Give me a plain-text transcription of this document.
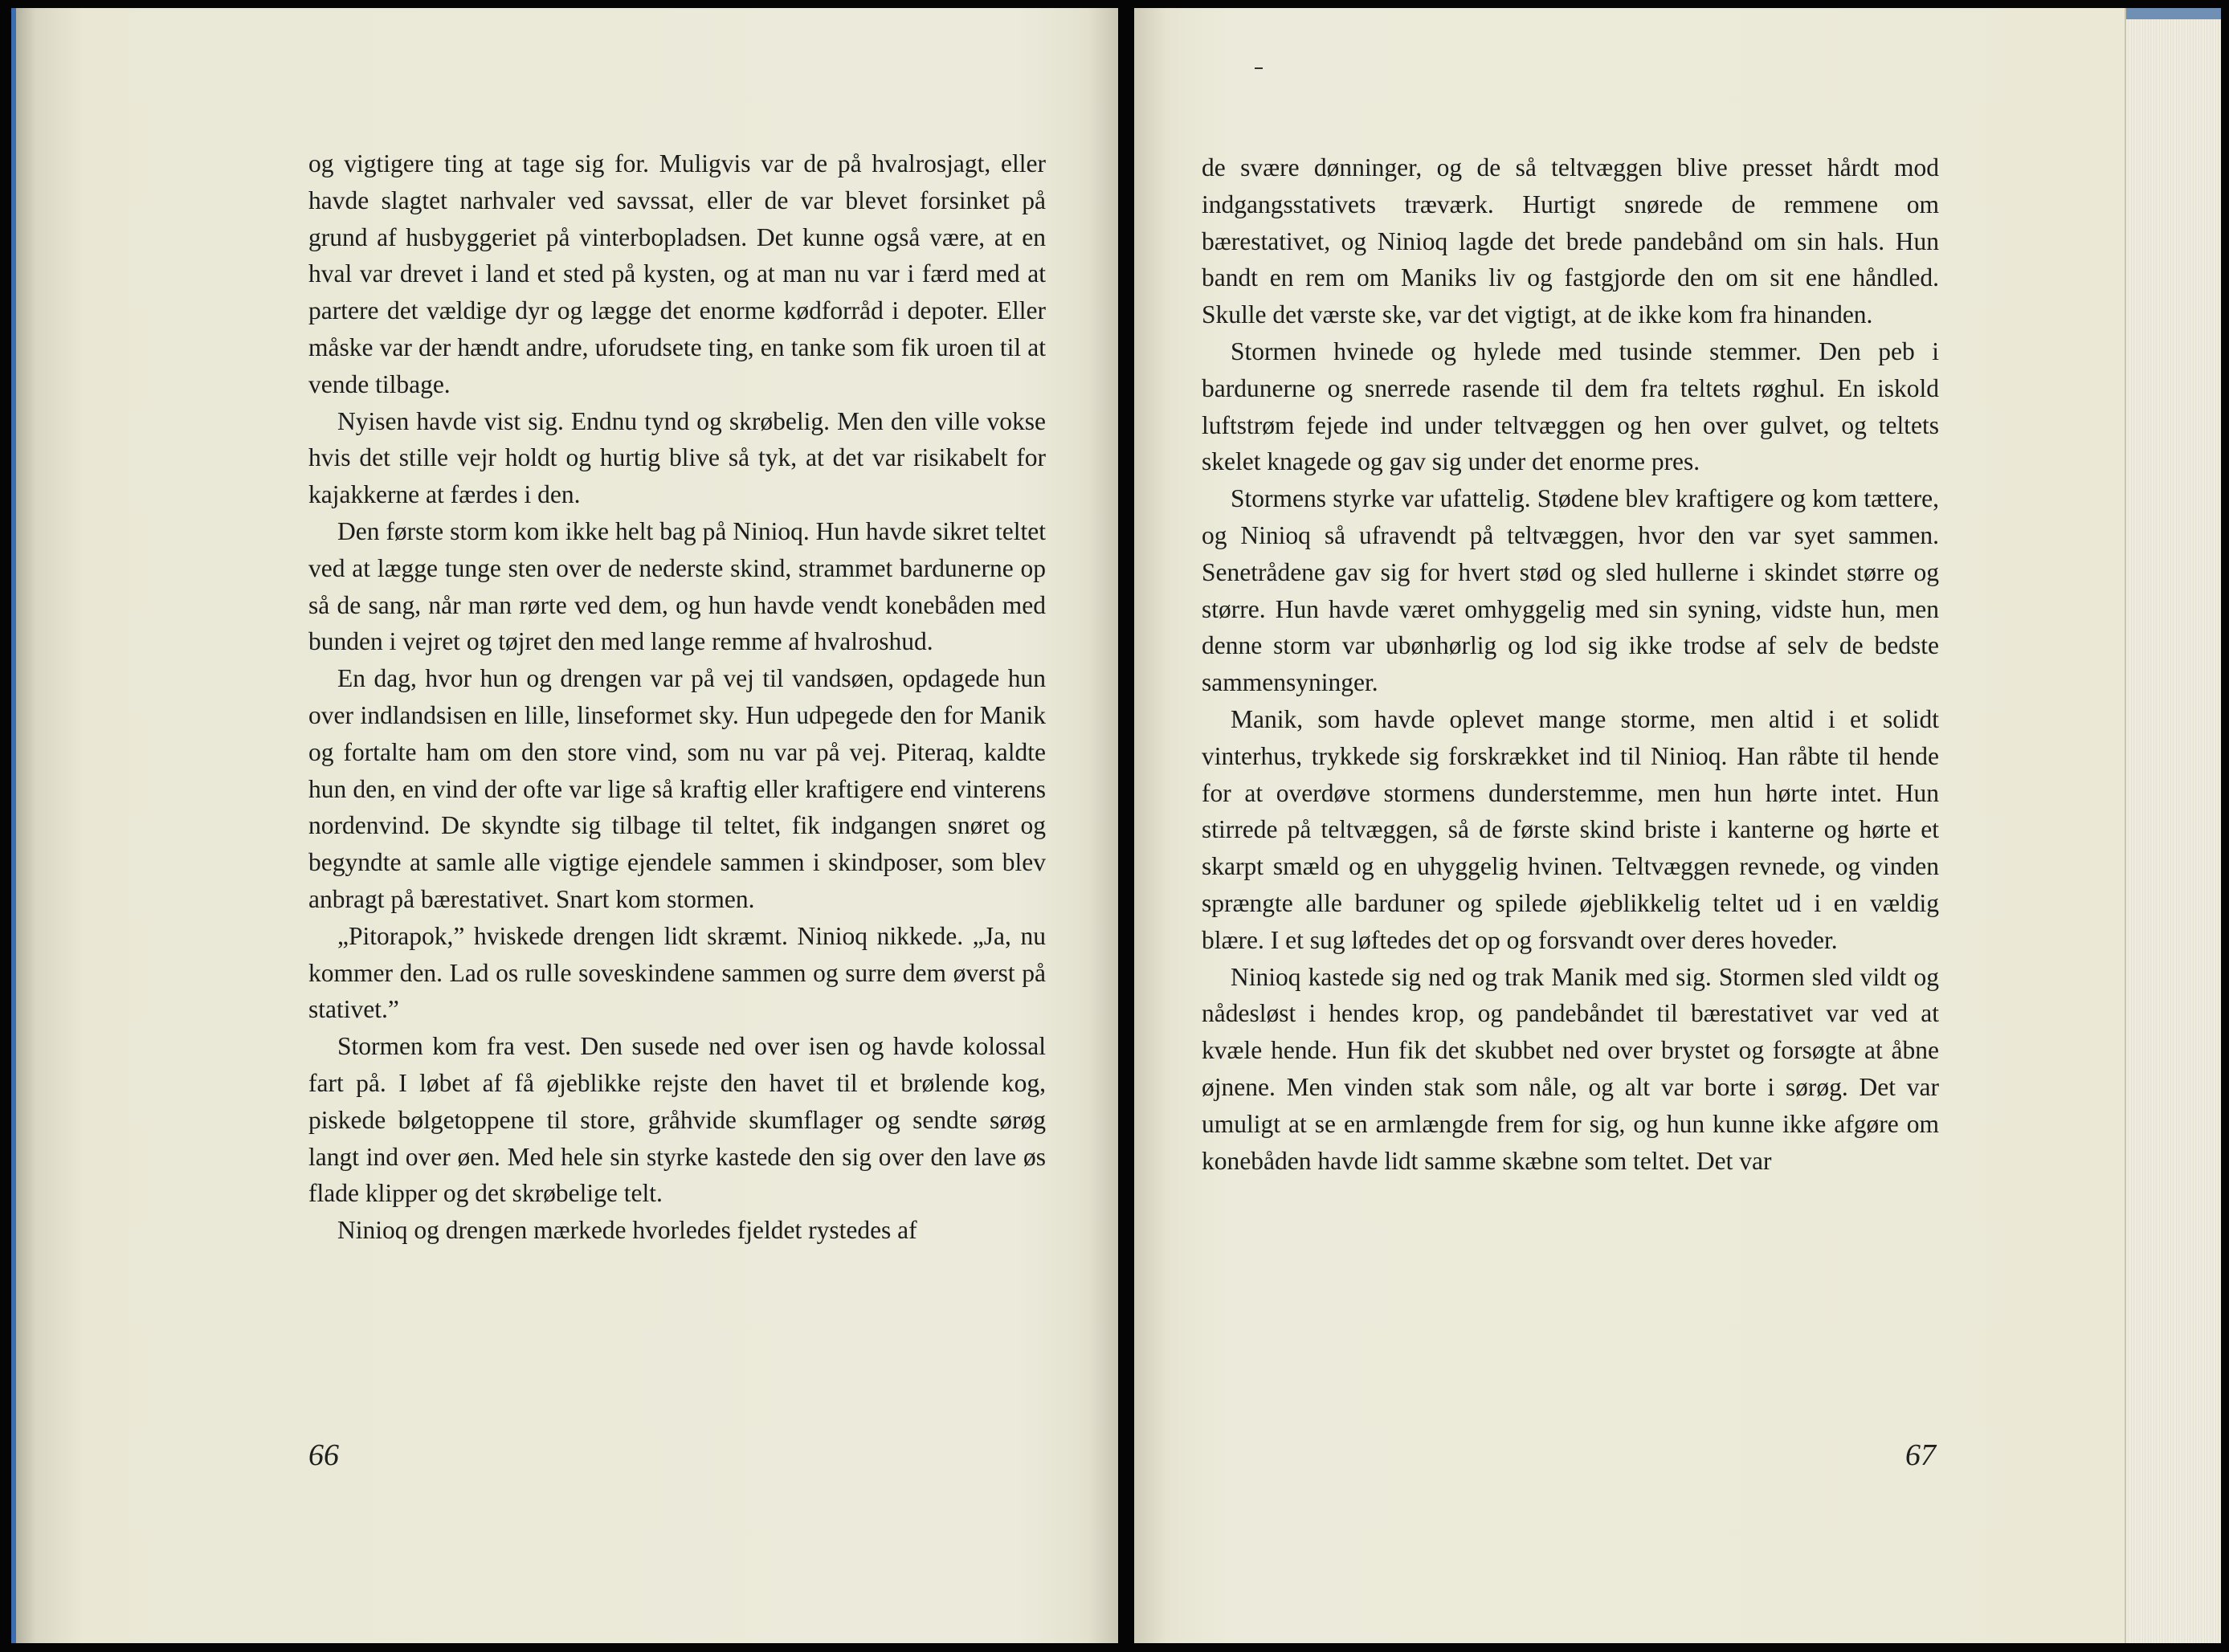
og vigtigere ting at tage sig for. Muligvis var de på hvalrosjagt, eller havde slagtet narhvaler ved savssat, eller de var blevet forsinket på grund af husbyggeriet på vinterbopladsen. Det kunne også være, at en hval var drevet i land et sted på kysten, og at man nu var i færd med at partere det vældige dyr og lægge det enorme kødforråd i depoter. Eller måske var der hændt andre, uforudsete ting, en tanke som fik uroen til at vende tilbage.

Nyisen havde vist sig. Endnu tynd og skrøbelig. Men den ville vokse hvis det stille vejr holdt og hurtig blive så tyk, at det var risikabelt for kajakkerne at færdes i den.

Den første storm kom ikke helt bag på Ninioq. Hun havde sikret teltet ved at lægge tunge sten over de nederste skind, strammet bardunerne op så de sang, når man rørte ved dem, og hun havde vendt konebåden med bunden i vejret og tøjret den med lange remme af hvalroshud.

En dag, hvor hun og drengen var på vej til vandsøen, opdagede hun over indlandsisen en lille, linseformet sky. Hun udpegede den for Manik og fortalte ham om den store vind, som nu var på vej. Piteraq, kaldte hun den, en vind der ofte var lige så kraftig eller kraftigere end vinterens nordenvind. De skyndte sig tilbage til teltet, fik indgangen snøret og begyndte at samle alle vigtige ejendele sammen i skindposer, som blev anbragt på bærestativet. Snart kom stormen.

„Pitorapok,” hviskede drengen lidt skræmt. Ninioq nikkede. „Ja, nu kommer den. Lad os rulle soveskindene sammen og surre dem øverst på stativet.”

Stormen kom fra vest. Den susede ned over isen og havde kolossal fart på. I løbet af få øjeblikke rejste den havet til et brølende kog, piskede bølgetoppene til store, gråhvide skumflager og sendte sørøg langt ind over øen. Med hele sin styrke kastede den sig over den lave øs flade klipper og det skrøbelige telt.

Ninioq og drengen mærkede hvorledes fjeldet rystedes af

66

de svære dønninger, og de så teltvæggen blive presset hårdt mod indgangsstativets træværk. Hurtigt snørede de remmene om bærestativet, og Ninioq lagde det brede pandebånd om sin hals. Hun bandt en rem om Maniks liv og fastgjorde den om sit ene håndled. Skulle det værste ske, var det vigtigt, at de ikke kom fra hinanden.

Stormen hvinede og hylede med tusinde stemmer. Den peb i bardunerne og snerrede rasende til dem fra teltets røghul. En iskold luftstrøm fejede ind under teltvæggen og hen over gulvet, og teltets skelet knagede og gav sig under det enorme pres.

Stormens styrke var ufattelig. Stødene blev kraftigere og kom tættere, og Ninioq så ufravendt på teltvæggen, hvor den var syet sammen. Senetrådene gav sig for hvert stød og sled hullerne i skindet større og større. Hun havde været omhyggelig med sin syning, vidste hun, men denne storm var ubønhørlig og lod sig ikke trodse af selv de bedste sammensyninger.

Manik, som havde oplevet mange storme, men altid i et solidt vinterhus, trykkede sig forskrækket ind til Ninioq. Han råbte til hende for at overdøve stormens dunderstemme, men hun hørte intet. Hun stirrede på teltvæggen, så de første skind briste i kanterne og hørte et skarpt smæld og en uhyggelig hvinen. Teltvæggen revnede, og vinden sprængte alle barduner og spilede øjeblikkelig teltet ud i en vældig blære. I et sug løftedes det op og forsvandt over deres hoveder.

Ninioq kastede sig ned og trak Manik med sig. Stormen sled vildt og nådesløst i hendes krop, og pandebåndet til bærestativet var ved at kvæle hende. Hun fik det skubbet ned over brystet og forsøgte at åbne øjnene. Men vinden stak som nåle, og alt var borte i sørøg. Det var umuligt at se en armlængde frem for sig, og hun kunne ikke afgøre om konebåden havde lidt samme skæbne som teltet. Det var

67
